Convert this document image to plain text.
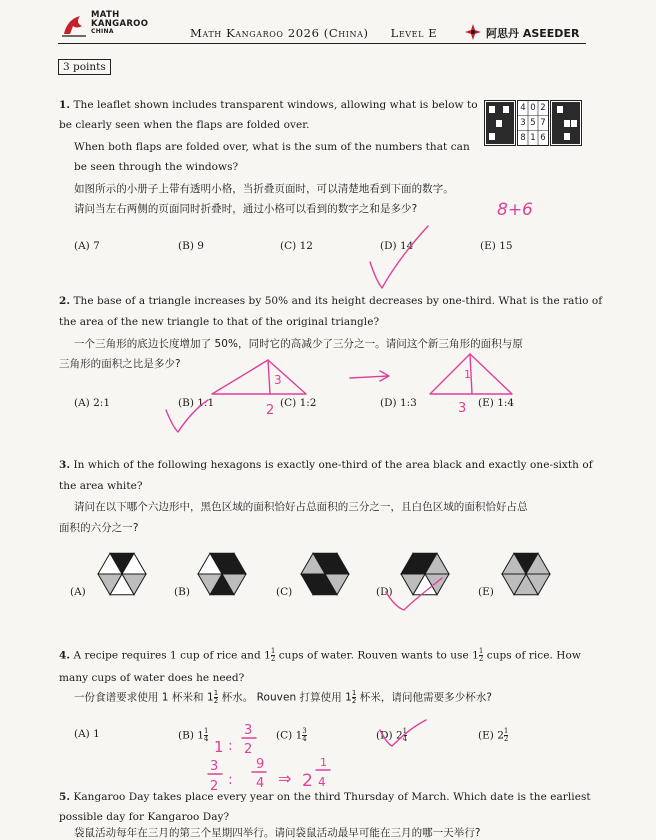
MATH
KANGAROO
CHINA	Math Kangaroo 2026 (China) Level E	阿思丹 ASEEDER
3 points
1. The leaflet shown includes transparent windows, allowing what is below to
be clearly seen when the flaps are folded over.
When both flaps are folded over, what is the sum of the numbers that can
be seen through the windows?
如图所示的小册子上带有透明小格，当折叠页面时，可以清楚地看到下面的数字。
请问当左右两侧的页面同时折叠时，通过小格可以看到的数字之和是多少?
4 0 2
3 5 7
8 1 6
(A) 7	(B) 9	(C) 12	(D) 14	(E) 15
2. The base of a triangle increases by 50% and its height decreases by one-third. What is the ratio of
the area of the new triangle to that of the original triangle?
一个三角形的底边长度增加了 50%，同时它的高减少了三分之一。请问这个新三角形的面积与原
三角形的面积之比是多少?
(A) 2:1	(B) 1:1	(C) 1:2	(D) 1:3	(E) 1:4
3. In which of the following hexagons is exactly one-third of the area black and exactly one-sixth of
the area white?
请问在以下哪个六边形中，黑色区域的面积恰好占总面积的三分之一，且白色区域的面积恰好占总
面积的六分之一?
(A)	(B)	(C)	(D)	(E)
4. A recipe requires 1 cup of rice and $1 \frac{1}{2}$ cups of water. Rouven wants to use $1 \frac{1}{2}$ cups of rice. How
many cups of water does he need?
一份食谱要求使用 1 杯米和 $1 \frac{1}{2}$ 杯水。 Rouven 打算使用 $1 \frac{1}{2}$ 杯米，请问他需要多少杯水?
(A) 1	(B) $1 \frac{1}{4}$	(C) $1 \frac{3}{4}$	(D) $2 \frac{1}{4}$	(E) $2 \frac{1}{2}$
5. Kangaroo Day takes place every year on the third Thursday of March. Which date is the earliest
possible day for Kangaroo Day?
袋鼠活动每年在三月的第三个星期四举行。请问袋鼠活动最早可能在三月的哪一天举行?
8+6
3
2
1
3
1 :
3
2
3
2 :
9
4 ⇒ 2
1
4
